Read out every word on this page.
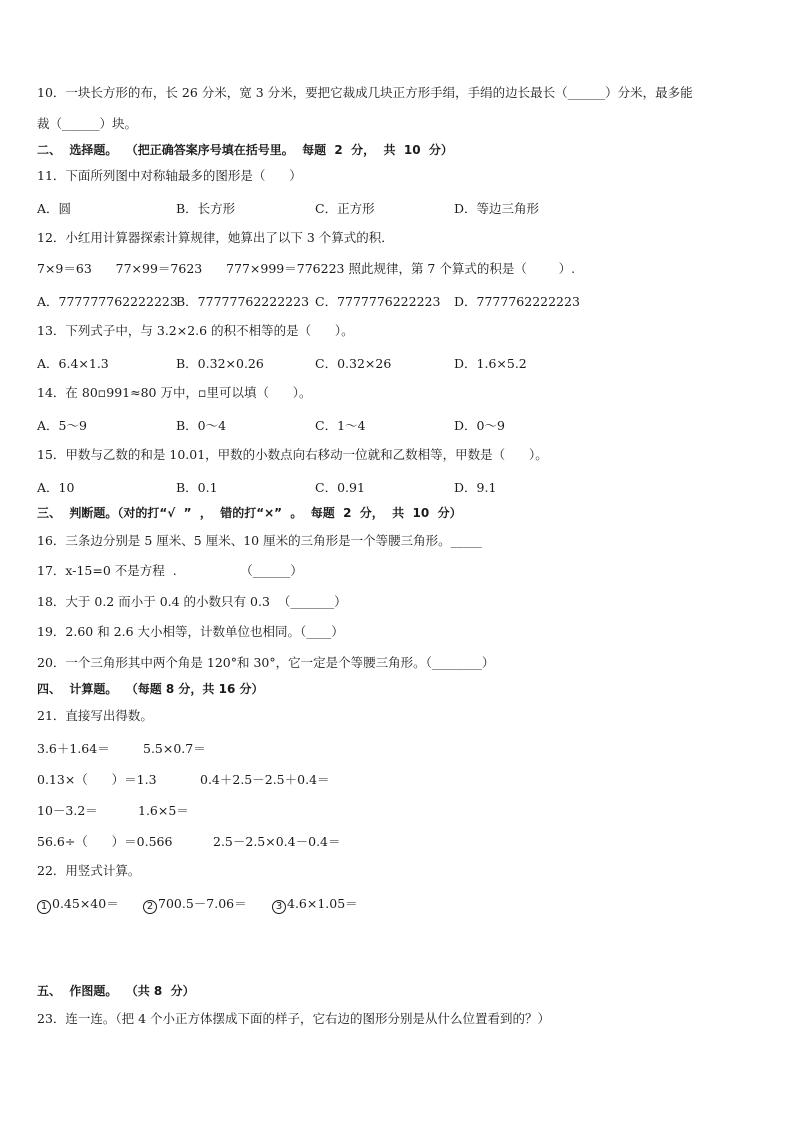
10．一块长方形的布，长 26 分米，宽 3 分米，要把它裁成几块正方形手绢，手绢的边长最长（______）分米，最多能
裁（______）块。
二、  选择题。  （把正确答案序号填在括号里。  每题  2  分，  共  10  分）
11．下面所列图中对称轴最多的图形是（      ）
A．圆	B．长方形	C．正方形	D．等边三角形
12．小红用计算器探索计算规律，她算出了以下 3 个算式的积．
7×9＝63      77×99＝7623      777×999＝776223 照此规律，第 7 个算式的积是（        ）.
A．777777762222223
B．77777762222223 C．7777776222223 D．7777762222223
13．下列式子中，与 3.2×2.6 的积不相等的是（      ）。
A．6.4×1.3	B．0.32×0.26	C．0.32×26	D．1.6×5.2
14．在 80▫991≈80 万中，▫里可以填（      ）。
A．5～9	B．0～4	C．1～4	D．0～9
15．甲数与乙数的和是 10.01，甲数的小数点向右移动一位就和乙数相等，甲数是（      ）。
A．10	B．0.1	C．0.91	D．9.1
三、  判断题。（对的打“√  ”  ，  错的打“×”  。  每题  2  分，  共  10  分）
16．三条边分别是 5 厘米、5 厘米、10 厘米的三角形是一个等腰三角形。_____
17．x-15=0 不是方程  .                （______）
18．大于 0.2 而小于 0.4 的小数只有 0.3  （_______）
19．2.60 和 2.6 大小相等，计数单位也相同。（____）
20．一个三角形其中两个角是 120°和 30°，它一定是个等腰三角形。（________）
四、  计算题。  （每题 8 分，共 16 分）
21．直接写出得数。
3.6＋1.64＝	5.5×0.7＝
0.13×（      ）＝1.3	0.4＋2.5－2.5＋0.4＝
10－3.2＝	1.6×5＝
56.6÷（      ）＝0.566	2.5－2.5×0.4－0.4＝
22．用竖式计算。
1 0.45×40＝	2 700.5－7.06＝	3 4.6×1.05＝
五、  作图题。  （共 8  分）
23．连一连。（把 4 个小正方体摆成下面的样子，它右边的图形分别是从什么位置看到的？）
